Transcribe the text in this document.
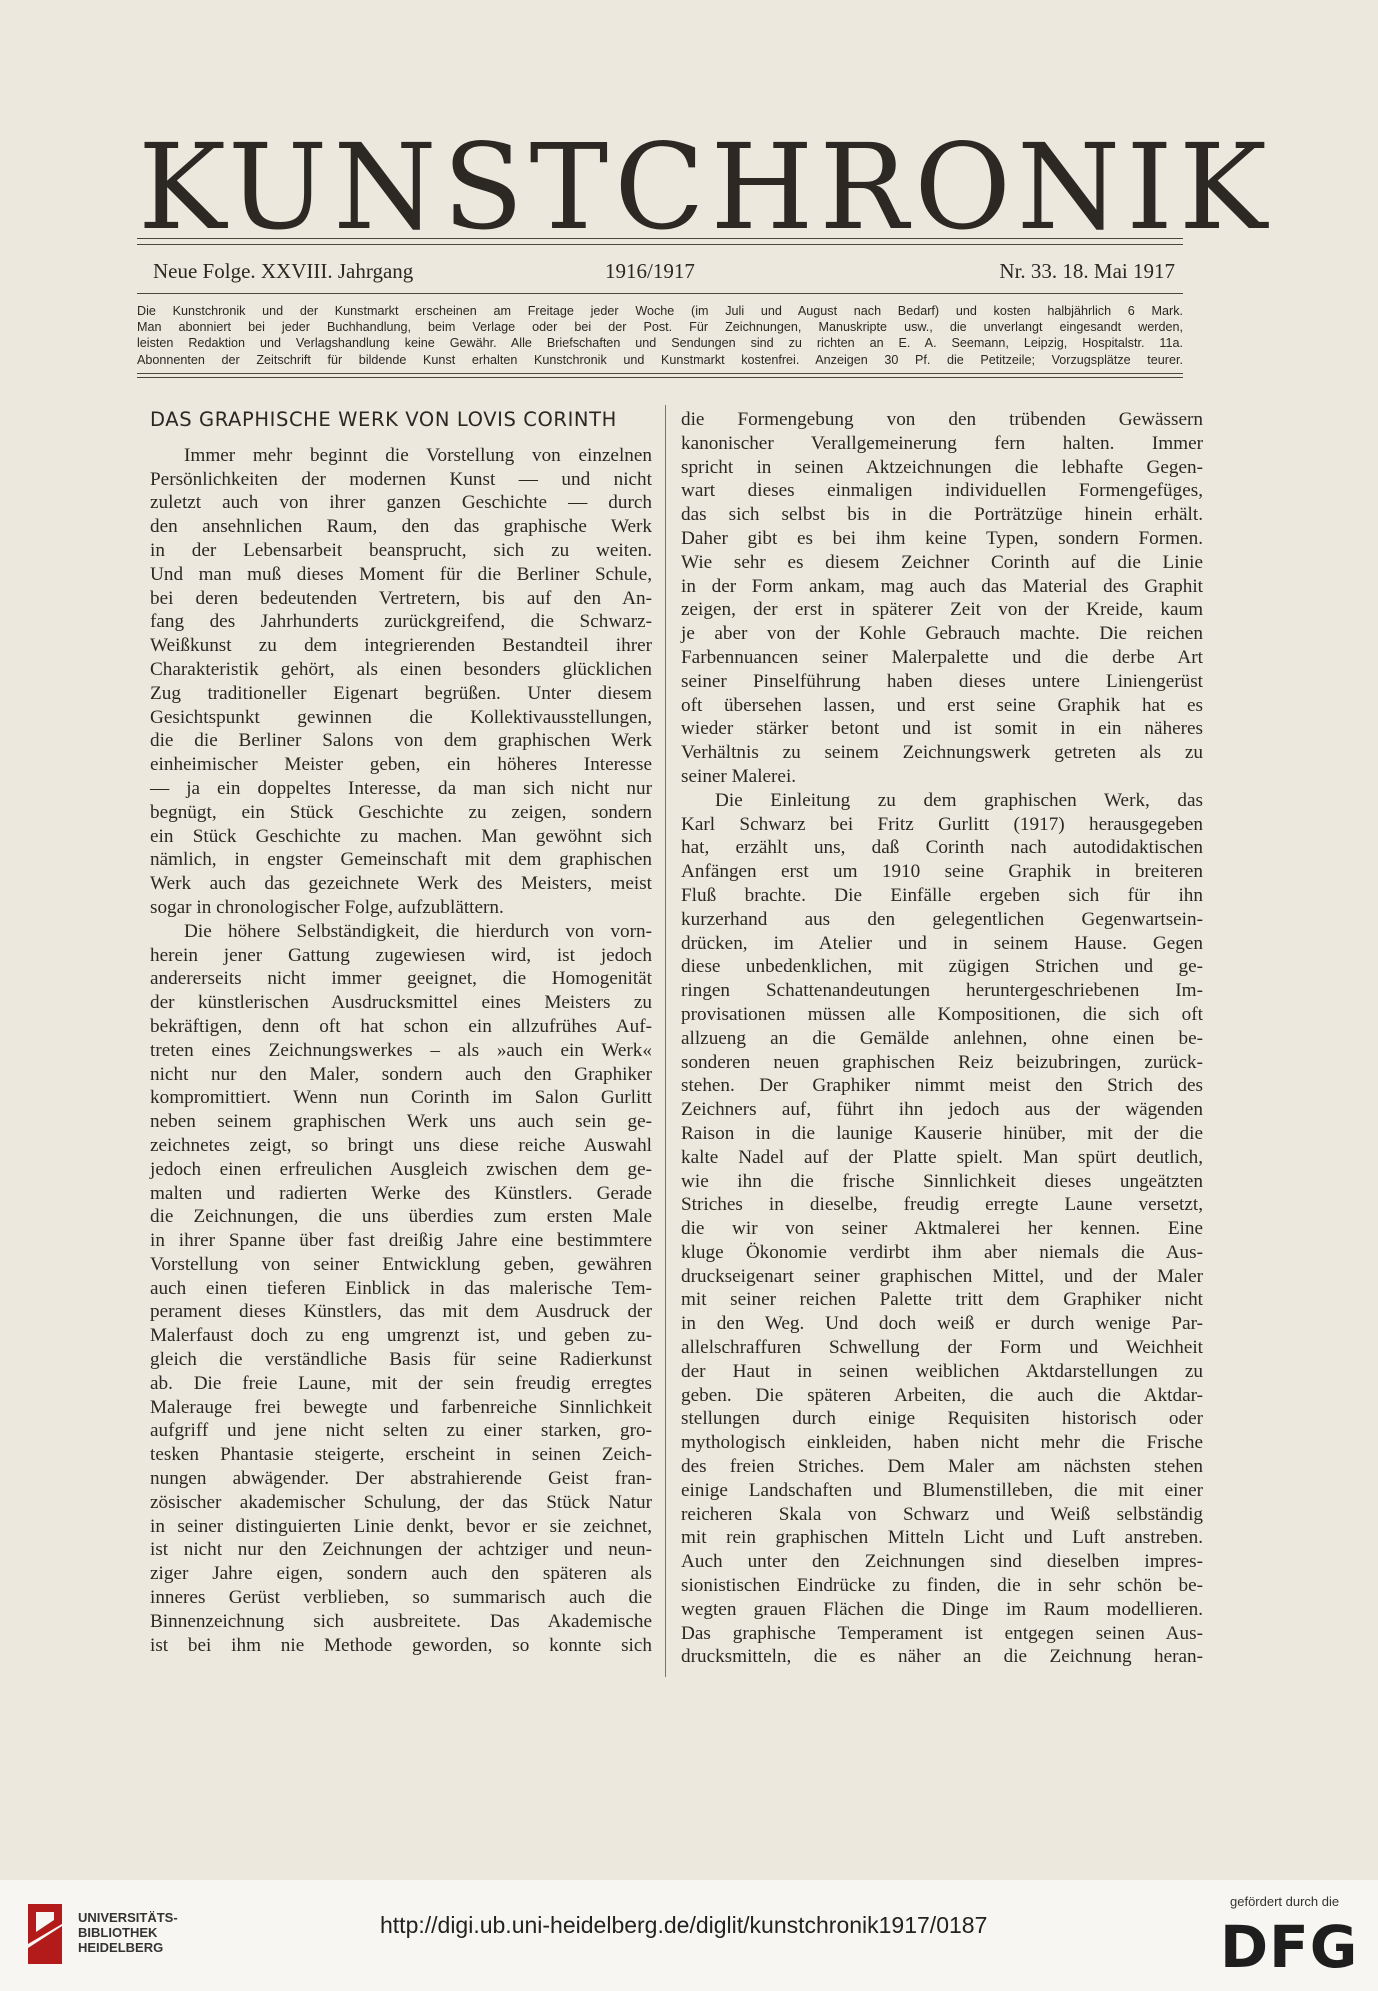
KUNSTCHRONIK
Neue Folge. XXVIII. Jahrgang	1916/1917	Nr. 33. 18. Mai 1917
Die Kunstchronik und der Kunstmarkt erscheinen am Freitage jeder Woche (im Juli und August nach Bedarf) und kosten halbjährlich 6 Mark.
Man abonniert bei jeder Buchhandlung, beim Verlage oder bei der Post. Für Zeichnungen, Manuskripte usw., die unverlangt eingesandt werden,
leisten Redaktion und Verlagshandlung keine Gewähr. Alle Briefschaften und Sendungen sind zu richten an E. A. Seemann, Leipzig, Hospitalstr. 11a.
Abonnenten der Zeitschrift für bildende Kunst erhalten Kunstchronik und Kunstmarkt kostenfrei. Anzeigen 30 Pf. die Petitzeile; Vorzugsplätze teurer.
DAS GRAPHISCHE WERK VON LOVIS CORINTH
Immer mehr beginnt die Vorstellung von einzelnen
Persönlichkeiten der modernen Kunst — und nicht
zuletzt auch von ihrer ganzen Geschichte — durch
den ansehnlichen Raum, den das graphische Werk
in der Lebensarbeit beansprucht, sich zu weiten.
Und man muß dieses Moment für die Berliner Schule,
bei deren bedeutenden Vertretern, bis auf den An-
fang des Jahrhunderts zurückgreifend, die Schwarz-
Weißkunst zu dem integrierenden Bestandteil ihrer
Charakteristik gehört, als einen besonders glücklichen
Zug traditioneller Eigenart begrüßen. Unter diesem
Gesichtspunkt gewinnen die Kollektivausstellungen,
die die Berliner Salons von dem graphischen Werk
einheimischer Meister geben, ein höheres Interesse
— ja ein doppeltes Interesse, da man sich nicht nur
begnügt, ein Stück Geschichte zu zeigen, sondern
ein Stück Geschichte zu machen. Man gewöhnt sich
nämlich, in engster Gemeinschaft mit dem graphischen
Werk auch das gezeichnete Werk des Meisters, meist
sogar in chronologischer Folge, aufzublättern.
Die höhere Selbständigkeit, die hierdurch von vorn-
herein jener Gattung zugewiesen wird, ist jedoch
andererseits nicht immer geeignet, die Homogenität
der künstlerischen Ausdrucksmittel eines Meisters zu
bekräftigen, denn oft hat schon ein allzufrühes Auf-
treten eines Zeichnungswerkes – als »auch ein Werk«
nicht nur den Maler, sondern auch den Graphiker
kompromittiert. Wenn nun Corinth im Salon Gurlitt
neben seinem graphischen Werk uns auch sein ge-
zeichnetes zeigt, so bringt uns diese reiche Auswahl
jedoch einen erfreulichen Ausgleich zwischen dem ge-
malten und radierten Werke des Künstlers. Gerade
die Zeichnungen, die uns überdies zum ersten Male
in ihrer Spanne über fast dreißig Jahre eine bestimmtere
Vorstellung von seiner Entwicklung geben, gewähren
auch einen tieferen Einblick in das malerische Tem-
perament dieses Künstlers, das mit dem Ausdruck der
Malerfaust doch zu eng umgrenzt ist, und geben zu-
gleich die verständliche Basis für seine Radierkunst
ab. Die freie Laune, mit der sein freudig erregtes
Malerauge frei bewegte und farbenreiche Sinnlichkeit
aufgriff und jene nicht selten zu einer starken, gro-
tesken Phantasie steigerte, erscheint in seinen Zeich-
nungen abwägender. Der abstrahierende Geist fran-
zösischer akademischer Schulung, der das Stück Natur
in seiner distinguierten Linie denkt, bevor er sie zeichnet,
ist nicht nur den Zeichnungen der achtziger und neun-
ziger Jahre eigen, sondern auch den späteren als
inneres Gerüst verblieben, so summarisch auch die
Binnenzeichnung sich ausbreitete. Das Akademische
ist bei ihm nie Methode geworden, so konnte sich
die Formengebung von den trübenden Gewässern
kanonischer Verallgemeinerung fern halten. Immer
spricht in seinen Aktzeichnungen die lebhafte Gegen-
wart dieses einmaligen individuellen Formengefüges,
das sich selbst bis in die Porträtzüge hinein erhält.
Daher gibt es bei ihm keine Typen, sondern Formen.
Wie sehr es diesem Zeichner Corinth auf die Linie
in der Form ankam, mag auch das Material des Graphit
zeigen, der erst in späterer Zeit von der Kreide, kaum
je aber von der Kohle Gebrauch machte. Die reichen
Farbennuancen seiner Malerpalette und die derbe Art
seiner Pinselführung haben dieses untere Liniengerüst
oft übersehen lassen, und erst seine Graphik hat es
wieder stärker betont und ist somit in ein näheres
Verhältnis zu seinem Zeichnungswerk getreten als zu
seiner Malerei.
Die Einleitung zu dem graphischen Werk, das
Karl Schwarz bei Fritz Gurlitt (1917) herausgegeben
hat, erzählt uns, daß Corinth nach autodidaktischen
Anfängen erst um 1910 seine Graphik in breiteren
Fluß brachte. Die Einfälle ergeben sich für ihn
kurzerhand aus den gelegentlichen Gegenwartsein-
drücken, im Atelier und in seinem Hause. Gegen
diese unbedenklichen, mit zügigen Strichen und ge-
ringen Schattenandeutungen heruntergeschriebenen Im-
provisationen müssen alle Kompositionen, die sich oft
allzueng an die Gemälde anlehnen, ohne einen be-
sonderen neuen graphischen Reiz beizubringen, zurück-
stehen. Der Graphiker nimmt meist den Strich des
Zeichners auf, führt ihn jedoch aus der wägenden
Raison in die launige Kauserie hinüber, mit der die
kalte Nadel auf der Platte spielt. Man spürt deutlich,
wie ihn die frische Sinnlichkeit dieses ungeätzten
Striches in dieselbe, freudig erregte Laune versetzt,
die wir von seiner Aktmalerei her kennen. Eine
kluge Ökonomie verdirbt ihm aber niemals die Aus-
druckseigenart seiner graphischen Mittel, und der Maler
mit seiner reichen Palette tritt dem Graphiker nicht
in den Weg. Und doch weiß er durch wenige Par-
allelschraffuren Schwellung der Form und Weichheit
der Haut in seinen weiblichen Aktdarstellungen zu
geben. Die späteren Arbeiten, die auch die Aktdar-
stellungen durch einige Requisiten historisch oder
mythologisch einkleiden, haben nicht mehr die Frische
des freien Striches. Dem Maler am nächsten stehen
einige Landschaften und Blumenstilleben, die mit einer
reicheren Skala von Schwarz und Weiß selbständig
mit rein graphischen Mitteln Licht und Luft anstreben.
Auch unter den Zeichnungen sind dieselben impres-
sionistischen Eindrücke zu finden, die in sehr schön be-
wegten grauen Flächen die Dinge im Raum modellieren.
Das graphische Temperament ist entgegen seinen Aus-
drucksmitteln, die es näher an die Zeichnung heran-
UNIVERSITÄTS-
BIBLIOTHEK
HEIDELBERG
http://digi.ub.uni-heidelberg.de/diglit/kunstchronik1917/0187
gefördert durch die
DFG
